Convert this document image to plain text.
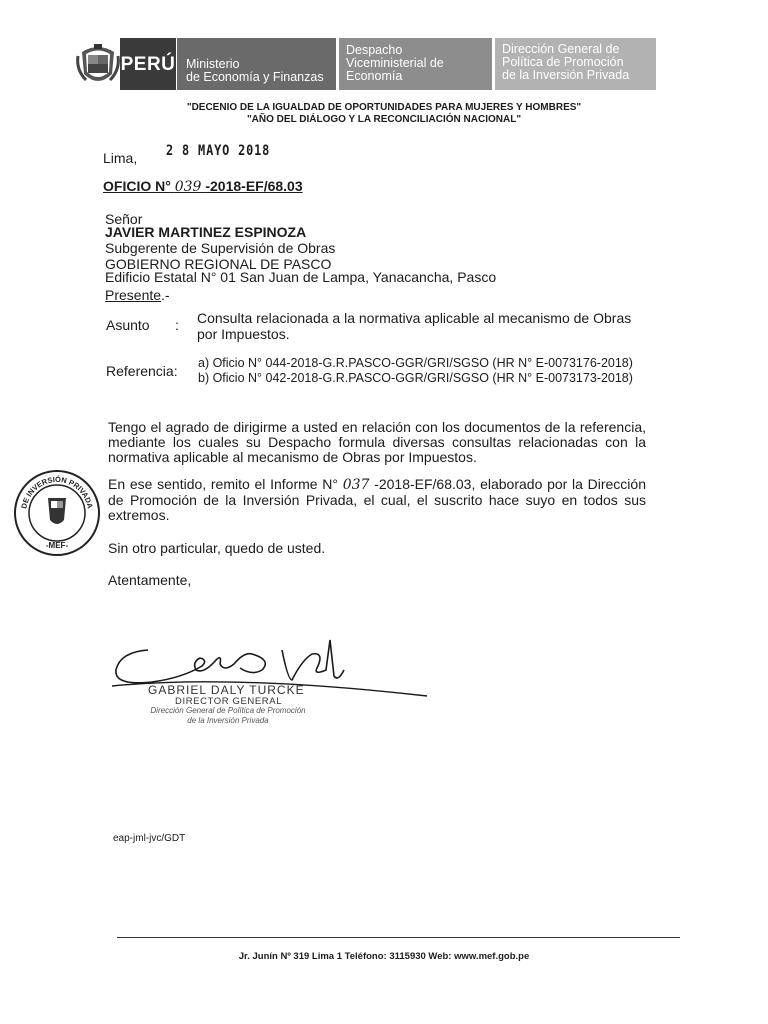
PERÚ Ministerio
de Economía y Finanzas
Despacho
Viceministerial de
Economía
Dirección General de
Política de Promoción
de la Inversión Privada
"DECENIO DE LA IGUALDAD DE OPORTUNIDADES PARA MUJERES Y HOMBRES"
"AÑO DEL DIÁLOGO Y LA RECONCILIACIÓN NACIONAL"
Lima, 2 8 MAYO 2018
OFICIO N° 039 -2018-EF/68.03
Señor
JAVIER MARTINEZ ESPINOZA
Subgerente de Supervisión de Obras
GOBIERNO REGIONAL DE PASCO
Edificio Estatal N° 01 San Juan de Lampa, Yanacancha, Pasco
Presente.-
Asunto : Consulta relacionada a la normativa aplicable al mecanismo de Obras por Impuestos.
Referencia: a) Oficio N° 044-2018-G.R.PASCO-GGR/GRI/SGSO (HR N° E-0073176-2018)
b) Oficio N° 042-2018-G.R.PASCO-GGR/GRI/SGSO (HR N° E-0073173-2018)
Tengo el agrado de dirigirme a usted en relación con los documentos de la referencia, mediante los cuales su Despacho formula diversas consultas relacionadas con la normativa aplicable al mecanismo de Obras por Impuestos.
En ese sentido, remito el Informe N° 037 -2018-EF/68.03, elaborado por la Dirección de Promoción de la Inversión Privada, el cual, el suscrito hace suyo en todos sus extremos.
Sin otro particular, quedo de usted.
Atentamente,
DE INVERSIÓN PRIVADA
-MEF-
GABRIEL DALY TURCKE
DIRECTOR GENERAL
Dirección General de Política de Promoción
de la Inversión Privada
eap-jml-jvc/GDT
Jr. Junín Nº 319 Lima 1 Teléfono: 3115930 Web: www.mef.gob.pe
